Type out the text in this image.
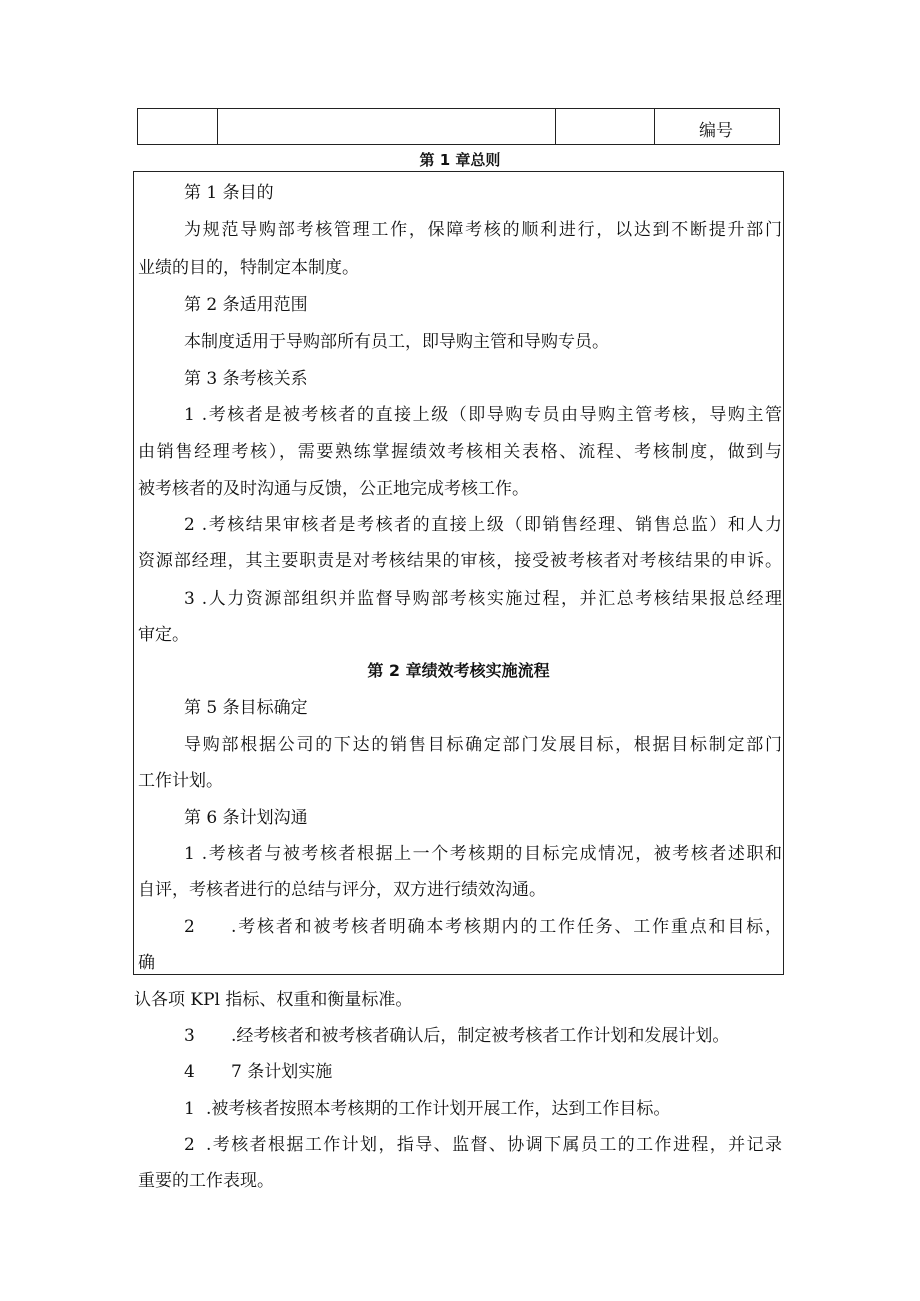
编号
第 1 章总则
第 1 条目的
为规范导购部考核管理工作，保障考核的顺利进行，以达到不断提升部门
业绩的目的，特制定本制度。
第 2 条适用范围
本制度适用于导购部所有员工，即导购主管和导购专员。
第 3 条考核关系
1 .考核者是被考核者的直接上级（即导购专员由导购主管考核，导购主管
由销售经理考核），需要熟练掌握绩效考核相关表格、流程、考核制度，做到与
被考核者的及时沟通与反馈，公正地完成考核工作。
2 .考核结果审核者是考核者的直接上级（即销售经理、销售总监）和人力
资源部经理，其主要职责是对考核结果的审核，接受被考核者对考核结果的申诉。
3 .人力资源部组织并监督导购部考核实施过程，并汇总考核结果报总经理
审定。
第 2 章绩效考核实施流程
第 5 条目标确定
导购部根据公司的下达的销售目标确定部门发展目标，根据目标制定部门
工作计划。
第 6 条计划沟通
1 .考核者与被考核者根据上一个考核期的目标完成情况，被考核者述职和
自评，考核者进行的总结与评分，双方进行绩效沟通。
2 .考核者和被考核者明确本考核期内的工作任务、工作重点和目标，
确
认各项 KPl 指标、权重和衡量标准。
3 .经考核者和被考核者确认后，制定被考核者工作计划和发展计划。
4 7 条计划实施
1 .被考核者按照本考核期的工作计划开展工作，达到工作目标。
2 .考核者根据工作计划，指导、监督、协调下属员工的工作进程，并记录
重要的工作表现。
